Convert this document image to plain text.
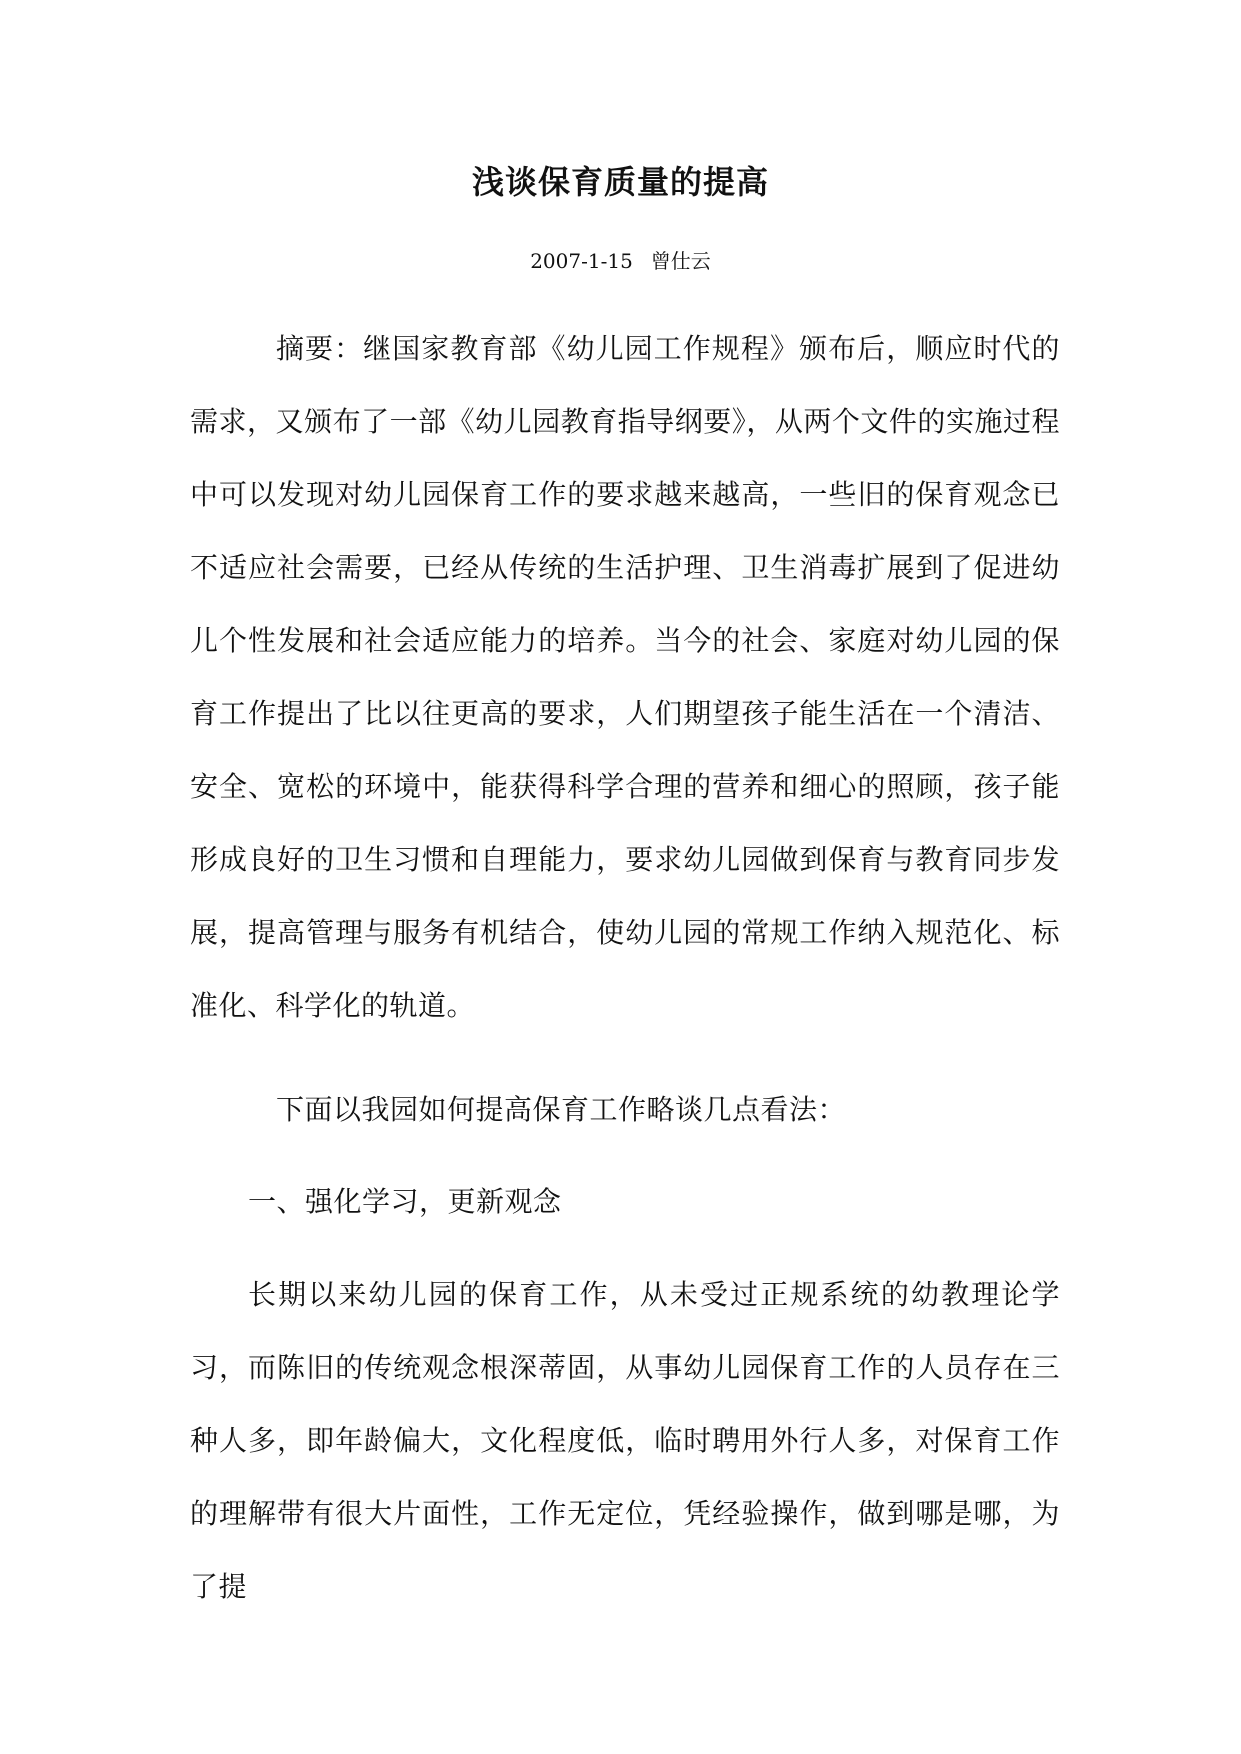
浅谈保育质量的提高
2007-1-15 曾仕云

摘要：继国家教育部《幼儿园工作规程》颁布后，顺应时代的需求，又颁布了一部《幼儿园教育指导纲要》，从两个文件的实施过程中可以发现对幼儿园保育工作的要求越来越高，一些旧的保育观念已不适应社会需要，已经从传统的生活护理、卫生消毒扩展到了促进幼儿个性发展和社会适应能力的培养。当今的社会、家庭对幼儿园的保育工作提出了比以往更高的要求，人们期望孩子能生活在一个清洁、安全、宽松的环境中，能获得科学合理的营养和细心的照顾，孩子能形成良好的卫生习惯和自理能力，要求幼儿园做到保育与教育同步发展，提高管理与服务有机结合，使幼儿园的常规工作纳入规范化、标准化、科学化的轨道。

下面以我园如何提高保育工作略谈几点看法：

一、强化学习，更新观念

长期以来幼儿园的保育工作，从未受过正规系统的幼教理论学习，而陈旧的传统观念根深蒂固，从事幼儿园保育工作的人员存在三种人多，即年龄偏大，文化程度低，临时聘用外行人多，对保育工作的理解带有很大片面性，工作无定位，凭经验操作，做到哪是哪，为了提
